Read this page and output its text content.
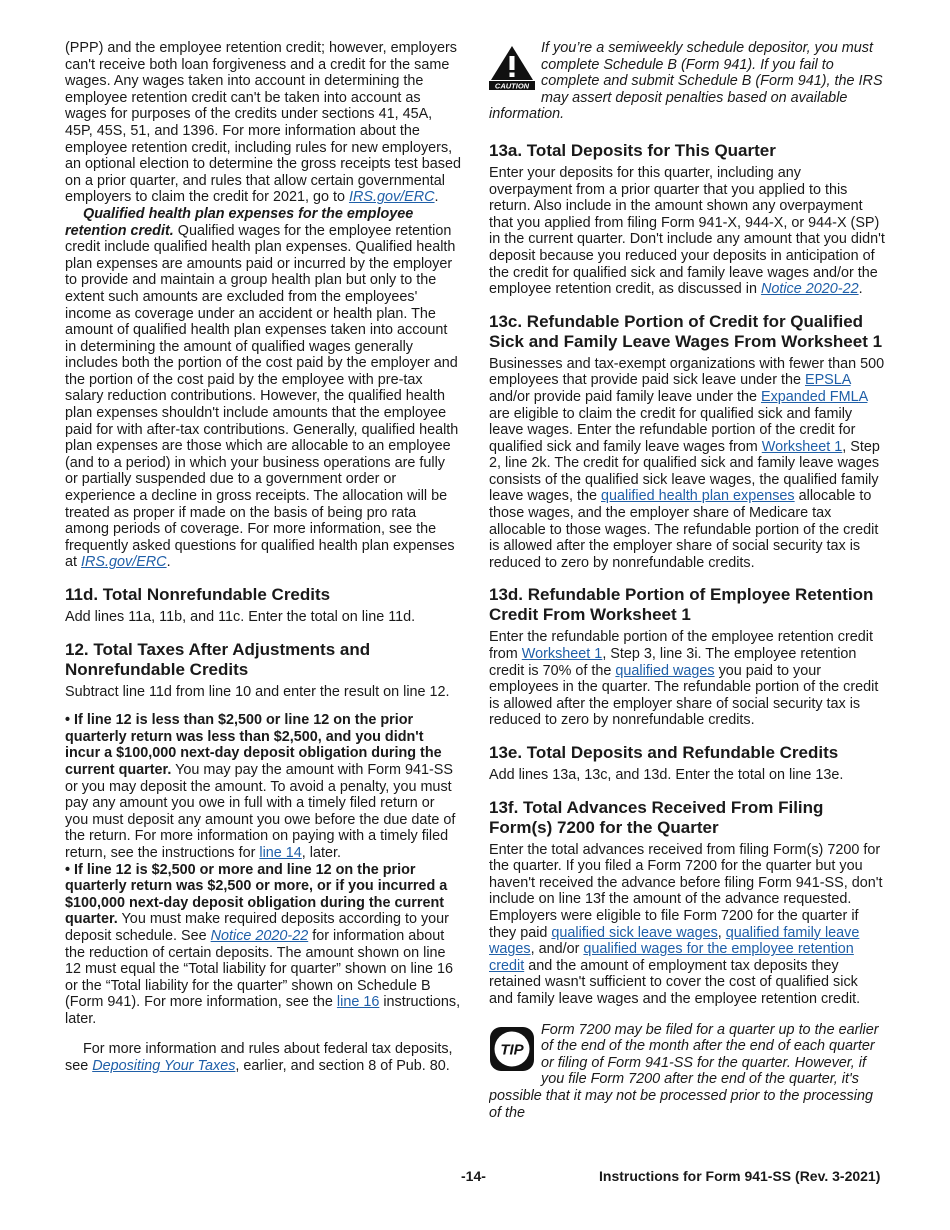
(PPP) and the employee retention credit; however, employers can't receive both loan forgiveness and a credit for the same wages. Any wages taken into account in determining the employee retention credit can't be taken into account as wages for purposes of the credits under sections 41, 45A, 45P, 45S, 51, and 1396. For more information about the employee retention credit, including rules for new employers, an optional election to determine the gross receipts test based on a prior quarter, and rules that allow certain governmental employers to claim the credit for 2021, go to IRS.gov/ERC.

Qualified health plan expenses for the employee retention credit. Qualified wages for the employee retention credit include qualified health plan expenses. Qualified health plan expenses are amounts paid or incurred by the employer to provide and maintain a group health plan but only to the extent such amounts are excluded from the employees' income as coverage under an accident or health plan. The amount of qualified health plan expenses taken into account in determining the amount of qualified wages generally includes both the portion of the cost paid by the employer and the portion of the cost paid by the employee with pre-tax salary reduction contributions. However, the qualified health plan expenses shouldn't include amounts that the employee paid for with after-tax contributions. Generally, qualified health plan expenses are those which are allocable to an employee (and to a period) in which your business operations are fully or partially suspended due to a government order or experience a decline in gross receipts. The allocation will be treated as proper if made on the basis of being pro rata among periods of coverage. For more information, see the frequently asked questions for qualified health plan expenses at IRS.gov/ERC.

11d. Total Nonrefundable Credits

Add lines 11a, 11b, and 11c. Enter the total on line 11d.

12. Total Taxes After Adjustments and Nonrefundable Credits

Subtract line 11d from line 10 and enter the result on line 12.

• If line 12 is less than $2,500 or line 12 on the prior quarterly return was less than $2,500, and you didn't incur a $100,000 next-day deposit obligation during the current quarter. You may pay the amount with Form 941-SS or you may deposit the amount. To avoid a penalty, you must pay any amount you owe in full with a timely filed return or you must deposit any amount you owe before the due date of the return. For more information on paying with a timely filed return, see the instructions for line 14, later.

• If line 12 is $2,500 or more and line 12 on the prior quarterly return was $2,500 or more, or if you incurred a $100,000 next-day deposit obligation during the current quarter. You must make required deposits according to your deposit schedule. See Notice 2020-22 for information about the reduction of certain deposits. The amount shown on line 12 must equal the “Total liability for quarter” shown on line 16 or the “Total liability for the quarter” shown on Schedule B (Form 941). For more information, see the line 16 instructions, later.

For more information and rules about federal tax deposits, see Depositing Your Taxes, earlier, and section 8 of Pub. 80.

CAUTION
If you’re a semiweekly schedule depositor, you must complete Schedule B (Form 941). If you fail to complete and submit Schedule B (Form 941), the IRS may assert deposit penalties based on available information.
13a. Total Deposits for This Quarter

Enter your deposits for this quarter, including any overpayment from a prior quarter that you applied to this return. Also include in the amount shown any overpayment that you applied from filing Form 941-X, 944-X, or 944-X (SP) in the current quarter. Don't include any amount that you didn't deposit because you reduced your deposits in anticipation of the credit for qualified sick and family leave wages and/or the employee retention credit, as discussed in Notice 2020-22.

13c. Refundable Portion of Credit for Qualified Sick and Family Leave Wages From Worksheet 1

Businesses and tax-exempt organizations with fewer than 500 employees that provide paid sick leave under the EPSLA and/or provide paid family leave under the Expanded FMLA are eligible to claim the credit for qualified sick and family leave wages. Enter the refundable portion of the credit for qualified sick and family leave wages from Worksheet 1, Step 2, line 2k. The credit for qualified sick and family leave wages consists of the qualified sick leave wages, the qualified family leave wages, the qualified health plan expenses allocable to those wages, and the employer share of Medicare tax allocable to those wages. The refundable portion of the credit is allowed after the employer share of social security tax is reduced to zero by nonrefundable credits.

13d. Refundable Portion of Employee Retention Credit From Worksheet 1

Enter the refundable portion of the employee retention credit from Worksheet 1, Step 3, line 3i. The employee retention credit is 70% of the qualified wages you paid to your employees in the quarter. The refundable portion of the credit is allowed after the employer share of social security tax is reduced to zero by nonrefundable credits.

13e. Total Deposits and Refundable Credits

Add lines 13a, 13c, and 13d. Enter the total on line 13e.

13f. Total Advances Received From Filing Form(s) 7200 for the Quarter

Enter the total advances received from filing Form(s) 7200 for the quarter. If you filed a Form 7200 for the quarter but you haven't received the advance before filing Form 941-SS, don't include on line 13f the amount of the advance requested. Employers were eligible to file Form 7200 for the quarter if they paid qualified sick leave wages, qualified family leave wages, and/or qualified wages for the employee retention credit and the amount of employment tax deposits they retained wasn't sufficient to cover the cost of qualified sick and family leave wages and the employee retention credit.

TIP
Form 7200 may be filed for a quarter up to the earlier of the end of the month after the end of each quarter or filing of Form 941-SS for the quarter. However, if you file Form 7200 after the end of the quarter, it's possible that it may not be processed prior to the processing of the
-14-	Instructions for Form 941-SS (Rev. 3-2021)
